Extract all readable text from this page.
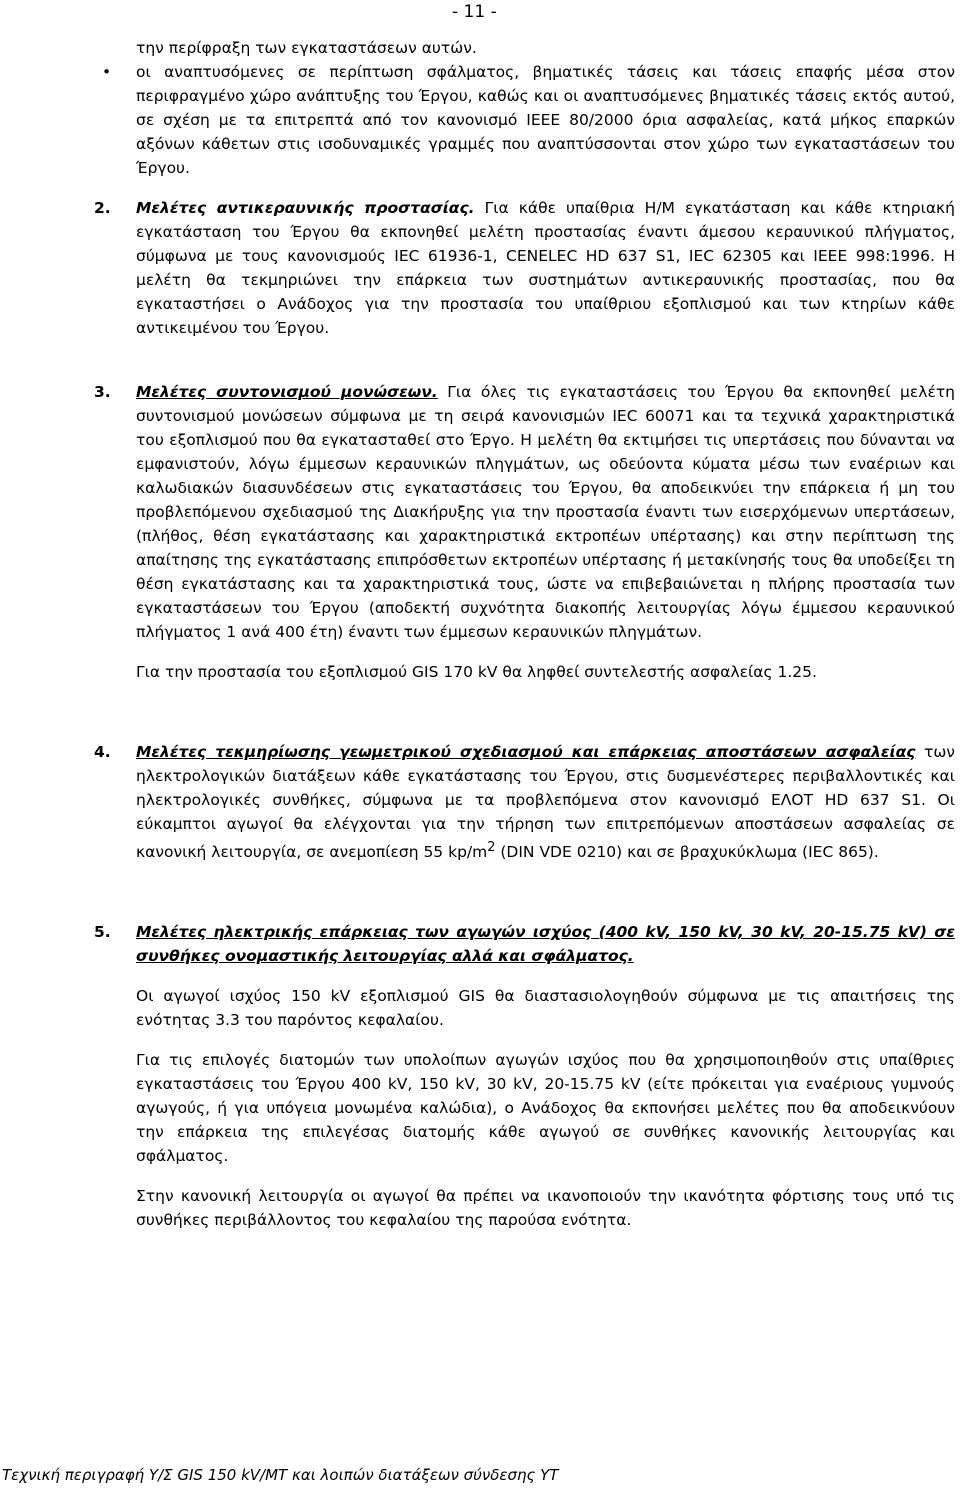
- 11 -

την περίφραξη των εγκαταστάσεων αυτών.

• οι αναπτυσόμενες σε περίπτωση σφάλματος, βηματικές τάσεις και τάσεις επαφής μέσα στον περιφραγμένο χώρο ανάπτυξης του Έργου, καθώς και οι αναπτυσόμενες βηματικές τάσεις εκτός αυτού, σε σχέση με τα επιτρεπτά από τον κανονισμό ΙΕΕΕ 80/2000 όρια ασφαλείας, κατά μήκος επαρκών αξόνων κάθετων στις ισοδυναμικές γραμμές που αναπτύσσονται στον χώρο των εγκαταστάσεων του Έργου.

2. Μελέτες αντικεραυνικής προστασίας. Για κάθε υπαίθρια Η/Μ εγκατάσταση και κάθε κτηριακή εγκατάσταση του Έργου θα εκπονηθεί μελέτη προστασίας έναντι άμεσου κεραυνικού πλήγματος, σύμφωνα με τους κανονισμούς IEC 61936-1, CENELEC HD 637 S1, IEC 62305 και IEEE 998:1996. Η μελέτη θα τεκμηριώνει την επάρκεια των συστημάτων αντικεραυνικής προστασίας, που θα εγκαταστήσει ο Ανάδοχος για την προστασία του υπαίθριου εξοπλισμού και των κτηρίων κάθε αντικειμένου του Έργου.

3. Μελέτες συντονισμού μονώσεων. Για όλες τις εγκαταστάσεις του Έργου θα εκπονηθεί μελέτη συντονισμού μονώσεων σύμφωνα με τη σειρά κανονισμών IEC 60071 και τα τεχνικά χαρακτηριστικά του εξοπλισμού που θα εγκατασταθεί στο Έργο. Η μελέτη θα εκτιμήσει τις υπερτάσεις που δύνανται να εμφανιστούν, λόγω έμμεσων κεραυνικών πληγμάτων, ως οδεύοντα κύματα μέσω των εναέριων και καλωδιακών διασυνδέσεων στις εγκαταστάσεις του Έργου, θα αποδεικνύει την επάρκεια ή μη του προβλεπόμενου σχεδιασμού της Διακήρυξης για την προστασία έναντι των εισερχόμενων υπερτάσεων, (πλήθος, θέση εγκατάστασης και χαρακτηριστικά εκτροπέων υπέρτασης) και στην περίπτωση της απαίτησης της εγκατάστασης επιπρόσθετων εκτροπέων υπέρτασης ή μετακίνησής τους θα υποδείξει τη θέση εγκατάστασης και τα χαρακτηριστικά τους, ώστε να επιβεβαιώνεται η πλήρης προστασία των εγκαταστάσεων του Έργου (αποδεκτή συχνότητα διακοπής λειτουργίας λόγω έμμεσου κεραυνικού πλήγματος 1 ανά 400 έτη) έναντι των έμμεσων κεραυνικών πληγμάτων.

Για την προστασία του εξοπλισμού GIS 170 kV θα ληφθεί συντελεστής ασφαλείας 1.25.

4. Μελέτες τεκμηρίωσης γεωμετρικού σχεδιασμού και επάρκειας αποστάσεων ασφαλείας των ηλεκτρολογικών διατάξεων κάθε εγκατάστασης του Έργου, στις δυσμενέστερες περιβαλλοντικές και ηλεκτρολογικές συνθήκες, σύμφωνα με τα προβλεπόμενα στον κανονισμό ΕΛΟΤ HD 637 S1. Οι εύκαμπτοι αγωγοί θα ελέγχονται για την τήρηση των επιτρεπόμενων αποστάσεων ασφαλείας σε κανονική λειτουργία, σε ανεμοπίεση 55 $kp/m^2$ (DIN VDE 0210) και σε βραχυκύκλωμα (IEC 865).

5. Μελέτες ηλεκτρικής επάρκειας των αγωγών ισχύος (400 kV, 150 kV, 30 kV, 20-15.75 kV) σε συνθήκες ονομαστικής λειτουργίας αλλά και σφάλματος.

Οι αγωγοί ισχύος 150 kV εξοπλισμού GIS θα διαστασιολογηθούν σύμφωνα με τις απαιτήσεις της ενότητας 3.3 του παρόντος κεφαλαίου.

Για τις επιλογές διατομών των υπολοίπων αγωγών ισχύος που θα χρησιμοποιηθούν στις υπαίθριες εγκαταστάσεις του Έργου 400 kV, 150 kV, 30 kV, 20-15.75 kV (είτε πρόκειται για εναέριους γυμνούς αγωγούς, ή για υπόγεια μονωμένα καλώδια), ο Ανάδοχος θα εκπονήσει μελέτες που θα αποδεικνύουν την επάρκεια της επιλεγέσας διατομής κάθε αγωγού σε συνθήκες κανονικής λειτουργίας και σφάλματος.

Στην κανονική λειτουργία οι αγωγοί θα πρέπει να ικανοποιούν την ικανότητα φόρτισης τους υπό τις συνθήκες περιβάλλοντος του κεφαλαίου της παρούσα ενότητα.

Τεχνική περιγραφή Υ/Σ GIS 150 kV/MT και λοιπών διατάξεων σύνδεσης ΥΤ
